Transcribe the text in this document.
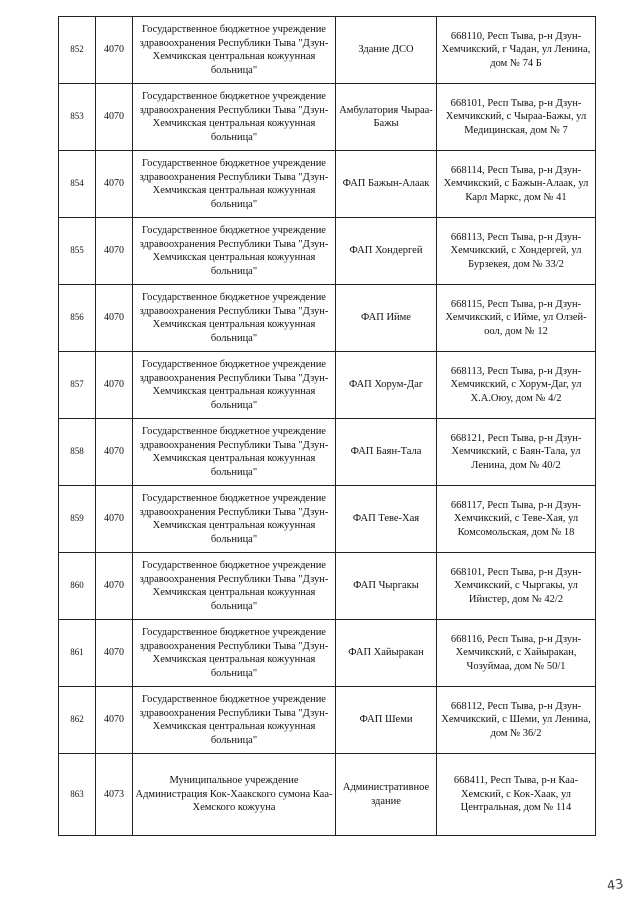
852	4070	Государственное бюджетное учреждение здравоохранения Республики Тыва "Дзун-Хемчикская центральная кожуунная больница"	Здание ДСО	668110, Респ Тыва, р-н Дзун-Хемчикский, г Чадан, ул Ленина, дом № 74 Б
853	4070	Государственное бюджетное учреждение здравоохранения Республики Тыва "Дзун-Хемчикская центральная кожуунная больница"	Амбулатория Чыраа-Бажы	668101, Респ Тыва, р-н Дзун-Хемчикский, с Чыраа-Бажы, ул Медицинская, дом № 7
854	4070	Государственное бюджетное учреждение здравоохранения Республики Тыва "Дзун-Хемчикская центральная кожуунная больница"	ФАП Бажын-Алаак	668114, Респ Тыва, р-н Дзун-Хемчикский, с Бажын-Алаак, ул Карл Маркс, дом № 41
855	4070	Государственное бюджетное учреждение здравоохранения Республики Тыва "Дзун-Хемчикская центральная кожуунная больница"	ФАП Хондергей	668113, Респ Тыва, р-н Дзун-Хемчикский, с Хондергей, ул Бурзекея, дом № 33/2
856	4070	Государственное бюджетное учреждение здравоохранения Республики Тыва "Дзун-Хемчикская центральная кожуунная больница"	ФАП Ийме	668115, Респ Тыва, р-н Дзун-Хемчикский, с Ийме, ул Олзей-оол, дом № 12
857	4070	Государственное бюджетное учреждение здравоохранения Республики Тыва "Дзун-Хемчикская центральная кожуунная больница"	ФАП Хорум-Даг	668113, Респ Тыва, р-н Дзун-Хемчикский, с Хорум-Даг, ул Х.А.Оюу, дом № 4/2
858	4070	Государственное бюджетное учреждение здравоохранения Республики Тыва "Дзун-Хемчикская центральная кожуунная больница"	ФАП Баян-Тала	668121, Респ Тыва, р-н Дзун-Хемчикский, с Баян-Тала, ул Ленина, дом № 40/2
859	4070	Государственное бюджетное учреждение здравоохранения Республики Тыва "Дзун-Хемчикская центральная кожуунная больница"	ФАП Теве-Хая	668117, Респ Тыва, р-н Дзун-Хемчикский, с Теве-Хая, ул Комсомольская, дом № 18
860	4070	Государственное бюджетное учреждение здравоохранения Республики Тыва "Дзун-Хемчикская центральная кожуунная больница"	ФАП Чыргакы	668101, Респ Тыва, р-н Дзун-Хемчикский, с Чыргакы, ул Ийистер, дом № 42/2
861	4070	Государственное бюджетное учреждение здравоохранения Республики Тыва "Дзун-Хемчикская центральная кожуунная больница"	ФАП Хайыракан	668116, Респ Тыва, р-н Дзун-Хемчикский, с Хайыракан, Чозуймаа, дом № 50/1
862	4070	Государственное бюджетное учреждение здравоохранения Республики Тыва "Дзун-Хемчикская центральная кожуунная больница"	ФАП Шеми	668112, Респ Тыва, р-н Дзун-Хемчикский, с Шеми, ул Ленина, дом № 36/2
863	4073	Муниципальное учреждение Администрация Кок-Хаакского сумона Каа-Хемского кожууна	Административное здание	668411, Респ Тыва, р-н Каа-Хемский, с Кок-Хаак, ул Центральная, дом № 114
43
